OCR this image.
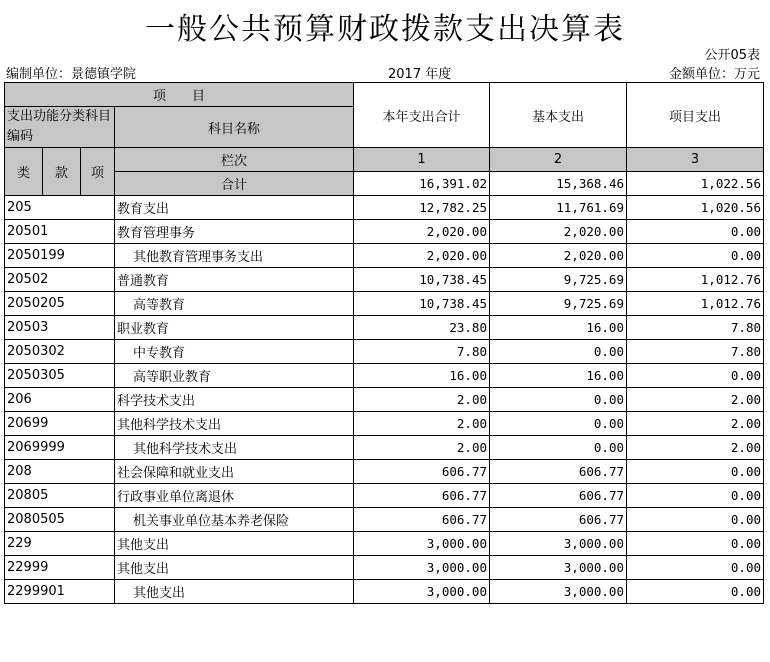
一般公共预算财政拨款支出决算表
公开05表
编制单位：景德镇学院	2017 年度	金额单位：万元
项　　目				本年支出合计	基本支出	项目支出
支出功能分类科目编码			科目名称			

类	款	项	栏次	1	2	3
			合计	16,391.02	15,368.46	1,022.56
205			教育支出	12,782.25	11,761.69	1,020.56
20501			教育管理事务	2,020.00	2,020.00	0.00
2050199			其他教育管理事务支出	2,020.00	2,020.00	0.00
20502			普通教育	10,738.45	9,725.69	1,012.76
2050205			高等教育	10,738.45	9,725.69	1,012.76
20503			职业教育	23.80	16.00	7.80
2050302			中专教育	7.80	0.00	7.80
2050305			高等职业教育	16.00	16.00	0.00
206			科学技术支出	2.00	0.00	2.00
20699			其他科学技术支出	2.00	0.00	2.00
2069999			其他科学技术支出	2.00	0.00	2.00
208			社会保障和就业支出	606.77	606.77	0.00
20805			行政事业单位离退休	606.77	606.77	0.00
2080505			机关事业单位基本养老保险	606.77	606.77	0.00
229			其他支出	3,000.00	3,000.00	0.00
22999			其他支出	3,000.00	3,000.00	0.00
2299901			其他支出	3,000.00	3,000.00	0.00
